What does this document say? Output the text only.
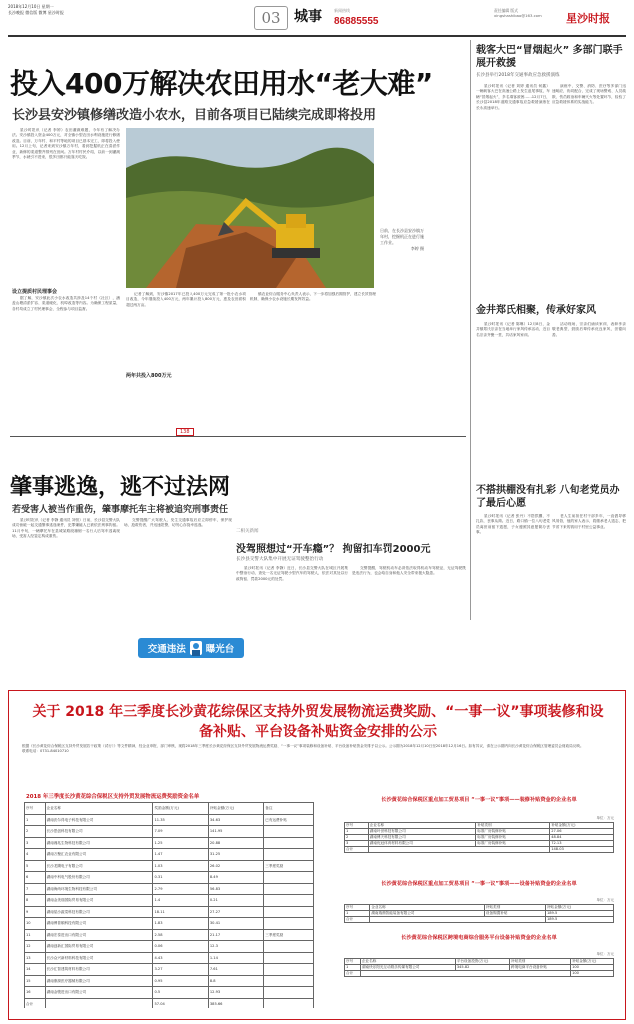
2018年12月10日 星期一
长沙晚报 微信版 微博 星沙时报	03 城事	新闻热线
86885555
责任编辑 版式
xingshashibao@163.com	星沙时报
投入400万解决农田用水“老大难”
长沙县安沙镇修缮改造小农水，目前各项目已陆续完成即将投用

星沙时报讯（记者 李婷）农田灌溉难题，今年有了解决办法。安沙镇投入资金400万元，对全镇小型农田水利设施进行修缮改造。目前，万年村、和平村等地的项目已基本完工，即将投入使用。12月上旬，记者来到安沙镇万年村，看到挖掘机正在清淤作业，新修的渠道整齐排列在田间。万年村村民介绍，以前一到灌溉季节，水就引不进来，很多田都只能靠天吃饭。

设立提质村民理事会

据了解，安沙镇此次小农水改造共涉及14个村（社区），涵盖山塘清淤扩容、渠道硬化、机埠改造等内容。为确保工程质量，各村均成立了村民理事会，全程参与项目监督。

日前，在长沙县安沙镇万年村，挖掘机正在进行施工作业。
李婷 摄

记者了解到，安沙镇2017年已投入400万元完成了第一批小农水项目改造，今年继续投入400万元，两年累计投入800万元，惠及农田面积超过两万亩。

两年共投入800万元

镇农业综合服务中心负责人表示，下一步将加强后期管护，建立长效管理机制，确保小农水设施长期发挥效益。

载客大巴“冒烟起火” 多部门联手展开救援
长沙县举行2018年交通事故应急救援演练

星沙时报讯（记者 刘婷 通讯员 何鑫）一辆载客大巴在高速公路上发生追尾事故，车辆“冒烟起火”，多名乘客被困……12月7日，长沙县2018年道路交通事故应急救援演练在长永高速举行。

演练中，交警、消防、医疗等多部门迅速响应，协同配合，完成了现场警戒、人员疏散、伤员救治和车辆灭火等处置环节，检验了应急救援体系的实战能力。

金井郑氏相聚，传承好家风

星沙时报讯（记者 陈琳）12月8日，金井镇郑氏宗亲在当地举行家风传承活动，近百名宗亲齐聚一堂，共话家风家训。

活动现场，宗亲们诵读家训、表彰孝亲敬老典型，鼓励后辈传承优良家风，崇德向善。

不搭拱棚没有扎彩 八旬老党员办了最后心愿

星沙时报讯（记者 张丹）不搭拱棚，不扎彩，丧事从简。近日，路口镇一位八旬老党员离世前留下遗愿，子女遵照其意愿简办丧事。

老人生前担任村干部多年，一直倡导移风易俗，他的家人表示，将继承老人遗志，把节省下来的钱用于村里公益事业。

138
肇事逃逸，逃不过法网
若受害人被当作重伤，肇事摩托车主将被追究刑事责任

星沙时报讯（记者 李静 通讯员 刘恒）日前，长沙县交警大队成功侦破一起交通肇事逃逸案件，犯罪嫌疑人已被依法刑事拘留。11月中旬，一辆摩托车在县城某路段撞倒一名行人后驾车逃离现场，受害人经鉴定构成重伤。

交警提醒广大驾驶人，发生交通事故后应立即停车，保护现场，抢救伤者，并迅速报警，切勿心存侥幸逃逸。

交通违法 曝光台
二相关新闻
没驾照想过“开车瘾”？ 拘留扣车罚2000元
长沙县交警大队集中开展无证驾驶整治行动

星沙时报讯（记者 李静）近日，长沙县交警大队在城区开展集中整治行动，查处一名无证驾驶小型汽车的驾驶人，依法对其处以行政拘留、罚款2000元的处罚。

交警提醒，驾驶机动车必须依法取得机动车驾驶证，无证驾驶既是违法行为，也会给自身和他人安全带来极大隐患。

关于 2018 年三季度长沙黄花综保区支持外贸发展物流运费奖励、“一事一议”事项装修和设备补贴、平台设备补贴资金安排的公示

根据《长沙黄花综合保税区支持外贸发展若干政策（试行）》等文件精神，经企业申报、部门审核，现将2018年三季度长沙黄花综保区支持外贸发展物流运费奖励、“一事一议”事项装修和设备补贴、平台设备补贴资金安排予以公示。公示期为2018年12月10日至2018年12月16日。如有异议，请在公示期内向长沙黄花综合保税区管理委员会财政局反映。

联系电话：0731-84010710

2018 年三季度长沙黄花综合保税区支持外贸发展物流运费奖励资金名单
序号	企业名称	奖励金额(万元)	补贴金额(万元)	备注
1	湖南沃尔得电子科技有限公司	11.35	34.63	已有运费补贴
2	长沙思创科技有限公司	7.09	141.95	
3	湖南湘兆生物科技有限公司	1.25	20.88	
4	湖南万聚汇农业有限公司	1.47	31.25	
5	长沙龙腾电子有限公司	1.03	26.02	三季度奖励
6	湖南中科电气股份有限公司	0.31	8.49	
7	湖南海尚环境生物科技有限公司	2.79	56.83	
8	湖南金美瑞国际贸易有限公司	1.4	0.21	
9	湖南星沙蔬菜科技有限公司	18.11	27.27	
10	湖南博普顺科技有限公司	1.83	30.41	
11	湖南宏泰进出口有限公司	2.58	21.17	三季度奖励
12	湖南创新汇国际贸易有限公司	0.06	12.3	
13	长沙众兴新材料科技有限公司	4.43	1.14	
14	长沙汇智建筑材料有限公司	3.27	7.61	
15	湖南康源医疗器械有限公司	0.95	8.8	
16	湖南金骏进出口有限公司	0.5	12.93	
合计		57.04	385.66	
长沙黄花综合保税区重点加工贸易项目 “一事一议”事项——装修补贴资金的企业名单
单位：万元
序号	企业名称	补贴类别	补贴金额(万元)
1	湖南叶世科技有限公司	标准厂房装修补贴	27.06
2	湖南博天科技有限公司	标准厂房装修补贴	48.84
3	湖南优冠体育材料有限公司	标准厂房装修补贴	72.13
合计			148.03
长沙黄花综合保税区重点加工贸易项目 “一事一议”事项——设备补贴资金的企业名单
单位：万元
序号	企业名称	补贴类别	补贴金额(万元)
1	湖南瑞鼎智能装备有限公司	设备购置补贴	189.5
合计			189.5
长沙黄花综合保税区跨境电商综合服务平台设备补贴资金的企业名单
单位：万元
序号	企业名称	平台设备投资(万元)	补贴类别	补贴金额(万元)
1	湖南快乐阳光互动娱乐传媒有限公司	345.82	跨境电商平台设备补贴	100
合计				100
